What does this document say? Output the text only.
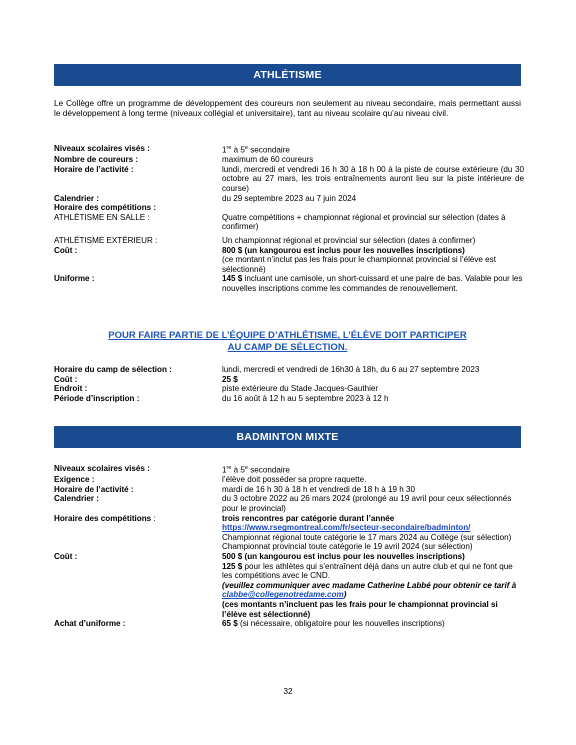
ATHLÉTISME
Le Collège offre un programme de développement des coureurs non seulement au niveau secondaire, mais permettant aussi le développement à long terme (niveaux collégial et universitaire), tant au niveau scolaire qu’au niveau civil.
Niveaux scolaires visés :	1re à 5e secondaire
Nombre de coureurs :	maximum de 60 coureurs
Horaire de l’activité :	lundi, mercredi et vendredi 16 h 30 à 18 h 00 à la piste de course extérieure (du 30 octobre au 27 mars, les trois entraînements auront lieu sur la piste intérieure de course)
Calendrier :	du 29 septembre 2023 au 7 juin 2024
Horaire des compétitions :
ATHLÉTISME EN SALLE :	Quatre compétitions + championnat régional et provincial sur sélection (dates à confirmer)
ATHLÉTISME EXTÉRIEUR :	Un championnat régional et provincial sur sélection (dates à confirmer)
Coût :	800 $ (un kangourou est inclus pour les nouvelles inscriptions)
(ce montant n’inclut pas les frais pour le championnat provincial si l’élève est sélectionné)
Uniforme :	145 $ incluant une camisole, un short-cuissard et une paire de bas. Valable pour les nouvelles inscriptions comme les commandes de renouvellement.
POUR FAIRE PARTIE DE L’ÉQUIPE D’ATHLÉTISME, L’ÉLÈVE DOIT PARTICIPER
AU CAMP DE SÉLECTION.
Horaire du camp de sélection :	lundi, mercredi et vendredi de 16h30 à 18h, du 6 au 27 septembre 2023
Coût :	25 $
Endroit :	piste extérieure du Stade Jacques-Gauthier
Période d’inscription :	du 16 août à 12 h au 5 septembre 2023 à 12 h
BADMINTON MIXTE
Niveaux scolaires visés :	1re à 5e secondaire
Exigence :	l’élève doit posséder sa propre raquette.
Horaire de l’activité :	mardi de 16 h 30 à 18 h et vendredi de 18 h à 19 h 30
Calendrier :	du 3 octobre 2022 au 26 mars 2024 (prolongé au 19 avril pour ceux sélectionnés
pour le provincial)
Horaire des compétitions :	trois rencontres par catégorie durant l’année
https://www.rsegmontreal.com/fr/secteur-secondaire/badminton/
Championnat régional toute catégorie le 17 mars 2024 au Collège (sur sélection)
Championnat provincial toute catégorie le 19 avril 2024 (sur sélection)
Coût :	500 $ (un kangourou est inclus pour les nouvelles inscriptions)
125 $ pour les athlètes qui s’entraînent déjà dans un autre club et qui ne font que les compétitions avec le CND.
(veuillez communiquer avec madame Catherine Labbé pour obtenir ce tarif à clabbe@collegenotredame.com)
(ces montants n’incluent pas les frais pour le championnat provincial si l’élève est sélectionné)
Achat d’uniforme :	65 $ (si nécessaire, obligatoire pour les nouvelles inscriptions)
32
